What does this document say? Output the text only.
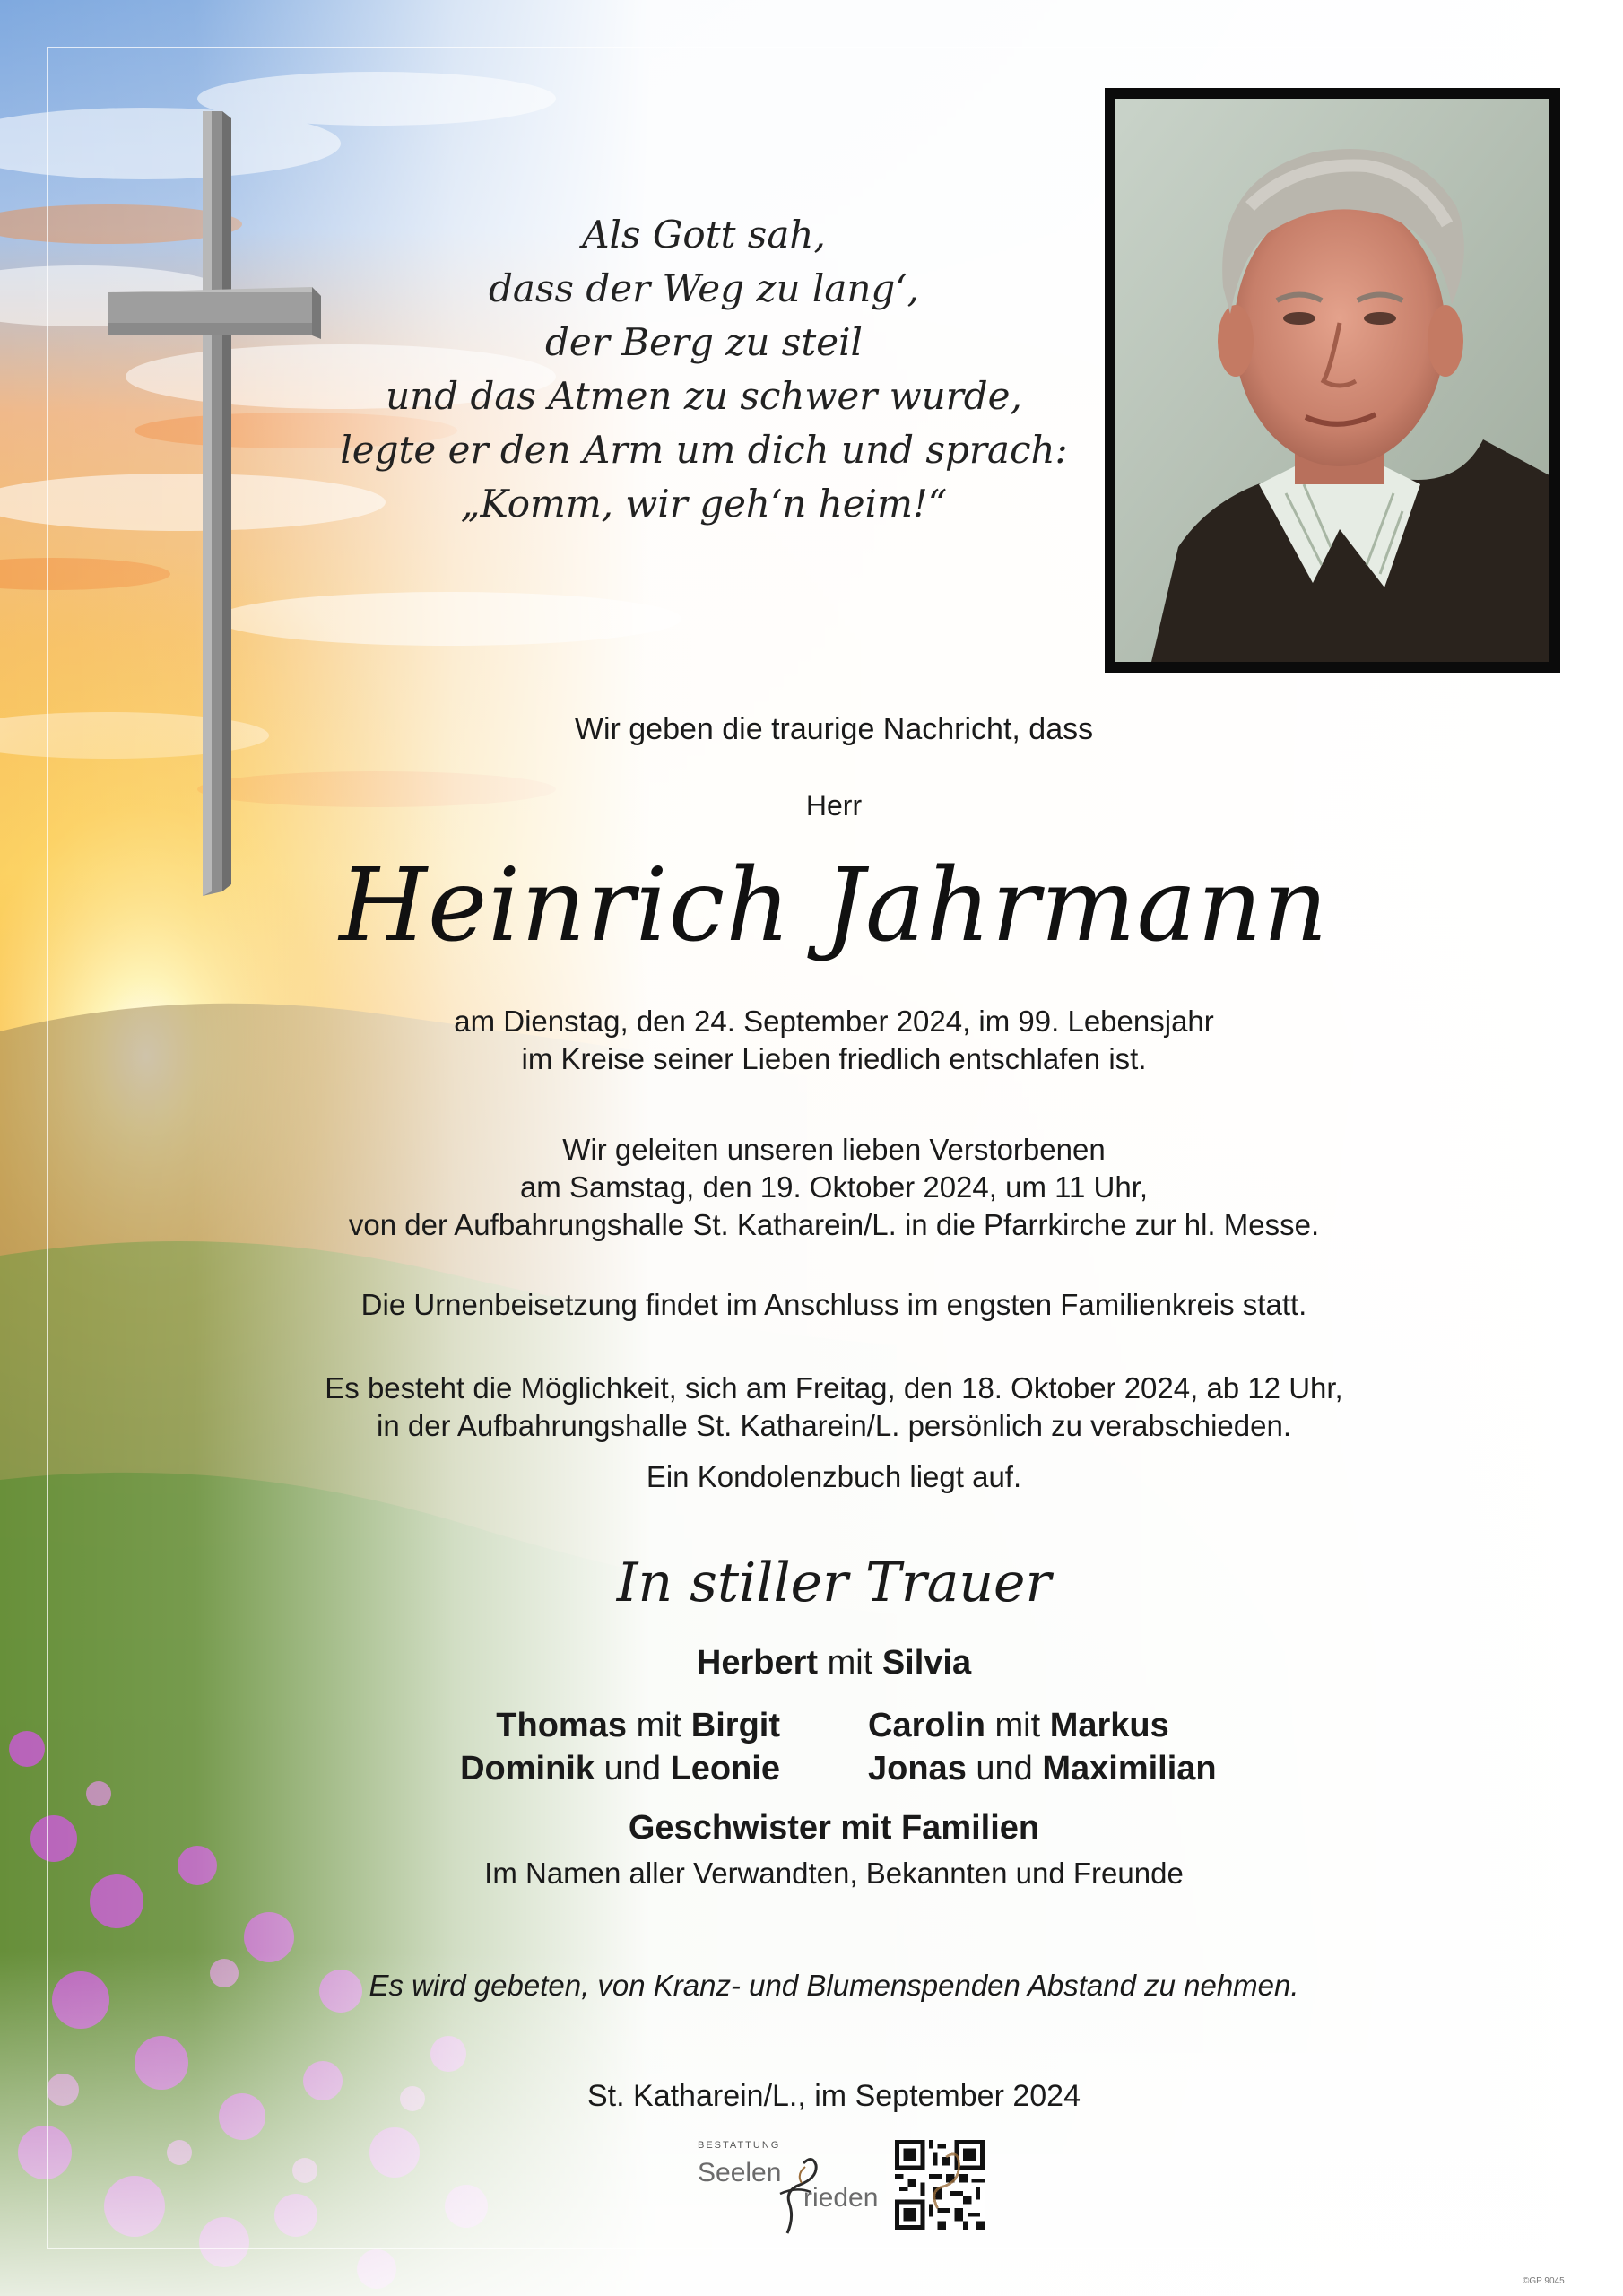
Als Gott sah,
dass der Weg zu lang‘,
der Berg zu steil
und das Atmen zu schwer wurde,
legte er den Arm um dich und sprach:
„Komm, wir geh‘n heim!“
Wir geben die traurige Nachricht, dass
Herr
Heinrich Jahrmann
am Dienstag, den 24. September 2024, im 99. Lebensjahr
im Kreise seiner Lieben friedlich entschlafen ist.
Wir geleiten unseren lieben Verstorbenen
am Samstag, den 19. Oktober 2024, um 11 Uhr,
von der Aufbahrungshalle St. Katharein/L. in die Pfarrkirche zur hl. Messe.
Die Urnenbeisetzung findet im Anschluss im engsten Familienkreis statt.
Es besteht die Möglichkeit, sich am Freitag, den 18. Oktober 2024, ab 12 Uhr,
in der Aufbahrungshalle St. Katharein/L. persönlich zu verabschieden.
Ein Kondolenzbuch liegt auf.
In stiller Trauer
Herbert mit Silvia
Thomas mit Birgit
Dominik und Leonie
Carolin mit Markus
Jonas und Maximilian
Geschwister mit Familien
Im Namen aller Verwandten, Bekannten und Freunde
Es wird gebeten, von Kranz- und Blumenspenden Abstand zu nehmen.
St. Katharein/L., im September 2024
BESTATTUNG
Seelen
rieden
©GP 9045
